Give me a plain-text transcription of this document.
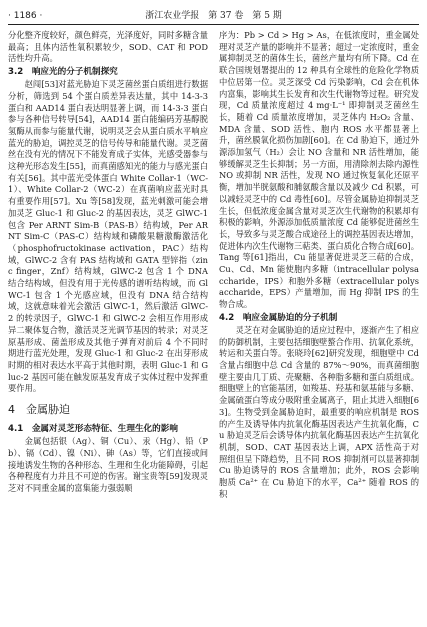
· 1186 ·	浙江农业学报　第 37 卷　第 5 期

分化整齐度较好，颜色鲜亮，光泽度好，同时多糖含量最高；且体内活性氧积累较少，SOD、CAT 和 POD 活性均升高。

3.2　响应光的分子机制探究

赵闯[53]对蓝光胁迫下灵芝菌丝蛋白质组进行数据分析，筛选到 54 个蛋白质差异表达量，其中 14-3-3 蛋白和 AAD14 蛋白表达明显著上调，而 14-3-3 蛋白参与各种信号转导[54]，AAD14 蛋白能编码芳基醇脱氢酶从而参与能量代谢，说明灵芝会从蛋白质水平响应蓝光的胁迫，调控灵芝的信号传导和能量代谢。灵芝菌丝在没有光的情况下不能发育成子实体，光感受器参与这种光形态发生[55]，而真菌感知光的能力与感光蛋白有关[56]。其中蓝光受体蛋白 White Collar-1（WC-1）、White Collar-2（WC-2）在真菌响应蓝光时具有重要作用[57]。Xu 等[58]发现，蓝光刺激可能会增加灵芝 Gluc-1 和 Gluc-2 的基因表达，灵芝 GlWC-1 包含 Per ARNT Sim-B（PAS-B）结构域，Per ARNT Sim-C（PAS-C）结构域和磷酸果糖激酶激活化（phosphofructokinase activation，PAC）结构域，GlWC-2 含有 PAS 结构域和 GATA 型锌指（zinc finger，Znf）结构域，GlWC-2 包含 1 个 DNA 结合结构域，但没有用于光传感的谱听结构域，而 GlWC-1 包含 1 个光感应域，但没有 DNA 结合结构域，这就意味着光会激活 GlWC-1，然后激活 GlWC-2 的转录因子，GlWC-1 和 GlWC-2 会相互作用形成异二聚体复合物，激活灵芝光调节基因的转录；对灵芝原基形成、菌盖形成及其他子弹育对前后 4 个不同时期进行蓝光处理，发现 Gluc-1 和 Gluc-2 在出芽形成时期的相对表达水平高于其他时期，表明 Gluc-1 和 Gluc-2 基因可能在触发原基发育成子实体过程中发挥重要作用。

4　金属胁迫
4.1　金属对灵芝形态特征、生理生化的影响

金属包括银（Ag）、铜（Cu）、汞（Hg）、铅（Pb）、镉（Cd）、镍（Ni）、砷（As）等，它们直接或间接地诱发生物的各种形态、生理和生化功能障碍，引起各种程度有力并且不可逆的伤害。谢宝贵等[59]发现灵芝对不同重金属的富集能力强弱顺

序为：Pb > Cd > Hg > As，在低浓度时，重金属处理对灵芝产量的影响并不显著；超过一定浓度时，重金属抑制灵芝的菌体生长，菌丝产量均有所下降。Cd 在联合国规划署提出的 12 种具有全球性的危险化学物质中位居第一位。灵芝深受 Cd 污染影响，Cd 会在机体内富集，影响其生长发育和次生代谢物等过程。研究发现，Cd 质量浓度超过 4 mg·L⁻¹ 即抑制灵芝菌丝生长，随着 Cd 质量浓度增加，灵芝体内 H₂O₂ 含量、MDA 含量、SOD 活性、胞内 ROS 水平都显著上升，菌丝膜氧化损伤加剧[60]。在 Cd 胁迫下，通过外源添加氢气（H₂）会让 NO 含量和 NR 活性增加，能够缓解灵芝生长抑制；另一方面，用清除剂去除内源性 NO 或抑制 NR 活性，发现 NO 通过恢复氧化还原平衡，增加半胱氨酸和脯氨酸含量以及减少 Cd 积累，可以减轻灵芝中的 Cd 毒性[60]。尽管金属胁迫抑制灵芝生长，但低浓度金属含量对灵芝次生代谢物的积累却有积极的影响，外源添加低质量浓度 Cd 能够促进菌丝生长，导致多与灵芝酸合成途径上的调控基因表达增加，促进体内次生代谢物三萜类、蛋白质化合物合成[60]。Tang 等[61]指出，Cu 能显著促进灵芝三萜的合成，Cu、Cd、Mn 能使胞内多糖（intracellular polysaccharide，IPS）和胞外多糖（extracellular polysaccharide，EPS）产量增加，而 Hg 抑制 IPS 的生物合成。

4.2　响应金属胁迫的分子机制

灵芝在对金属胁迫的适应过程中，逐渐产生了相应的防御机制，主要包括细胞壁螯合作用、抗氧化系统，转运和关蛋白等。张晓玲[62]研究发现，细胞壁中 Cd 含量占细胞中总 Cd 含量的 87%～90%，而真菌细胞壁主要由几丁质、壳聚糖、各种脂多糖和蛋白质组成。细胞壁上的官能基团，如羧基、羟基和氨基能与多糖、金属硫蛋白等成分吸附重金属离子，阻止其进入细胞[63]。生物受到金属胁迫时，最重要的响应机制是 ROS 的产生及诱导体内抗氧化酶基因表达产生抗氧化酶，Cu 胁迫灵芝后会诱导体内抗氧化酶基因表达产生抗氧化机制，SOD、CAT 基因表达上调，APX 活性高于对照组但呈下降趋势，且不同 ROS 抑制剂可以显著抑制 Cu 胁迫诱导的 ROS 含量增加；此外，ROS 会影响胞质 Ca²⁺ 在 Cu 胁迫下的水平，Ca²⁺ 随着 ROS 的积
